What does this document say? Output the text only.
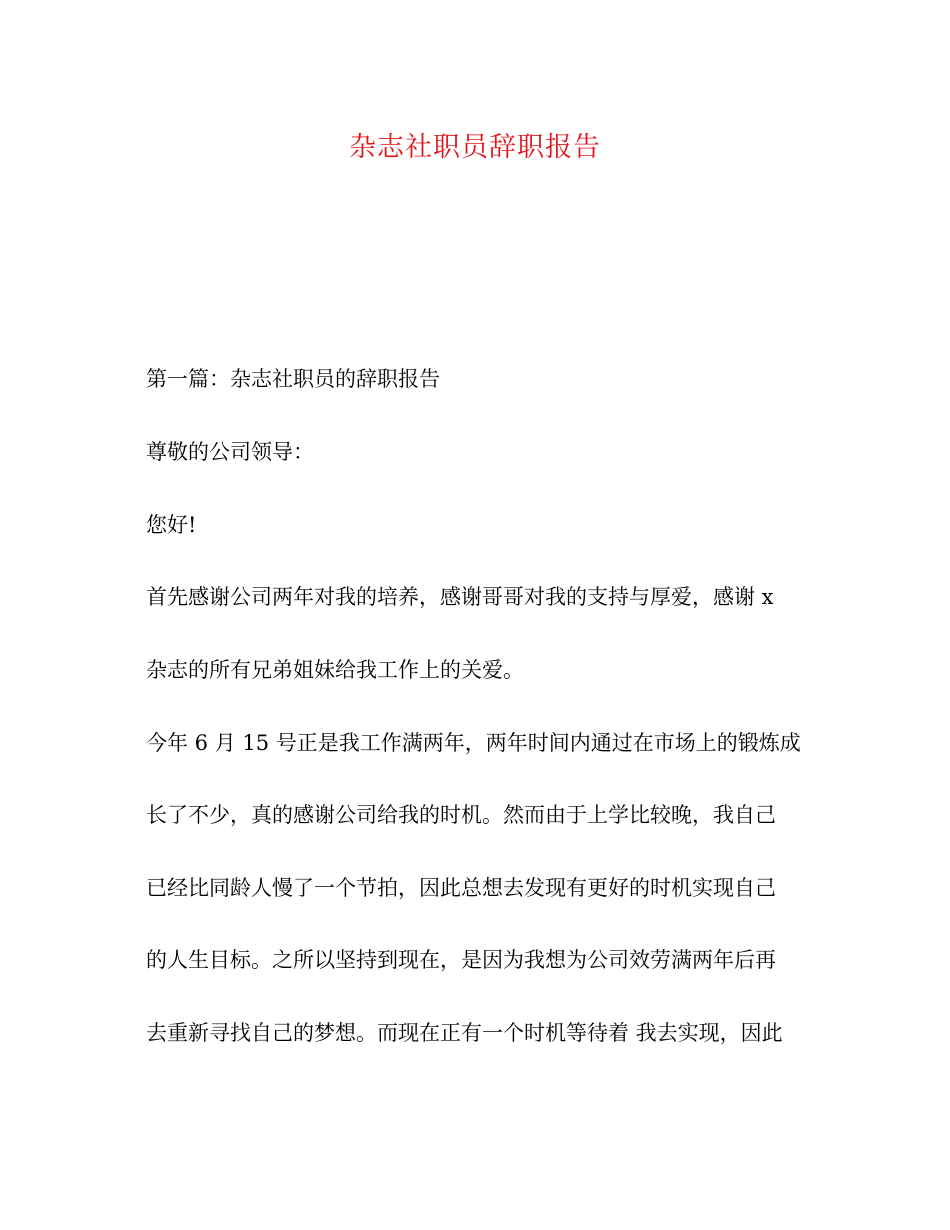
杂志社职员辞职报告

第一篇：杂志社职员的辞职报告

尊敬的公司领导：

您好!

首先感谢公司两年对我的培养，感谢哥哥对我的支持与厚爱，感谢 x

杂志的所有兄弟姐妹给我工作上的关爱。

今年 6 月 15 号正是我工作满两年，两年时间内通过在市场上的锻炼成

长了不少，真的感谢公司给我的时机。然而由于上学比较晚，我自己

已经比同龄人慢了一个节拍，因此总想去发现有更好的时机实现自己

的人生目标。之所以坚持到现在，是因为我想为公司效劳满两年后再

去重新寻找自己的梦想。而现在正有一个时机等待着 我去实现，因此
